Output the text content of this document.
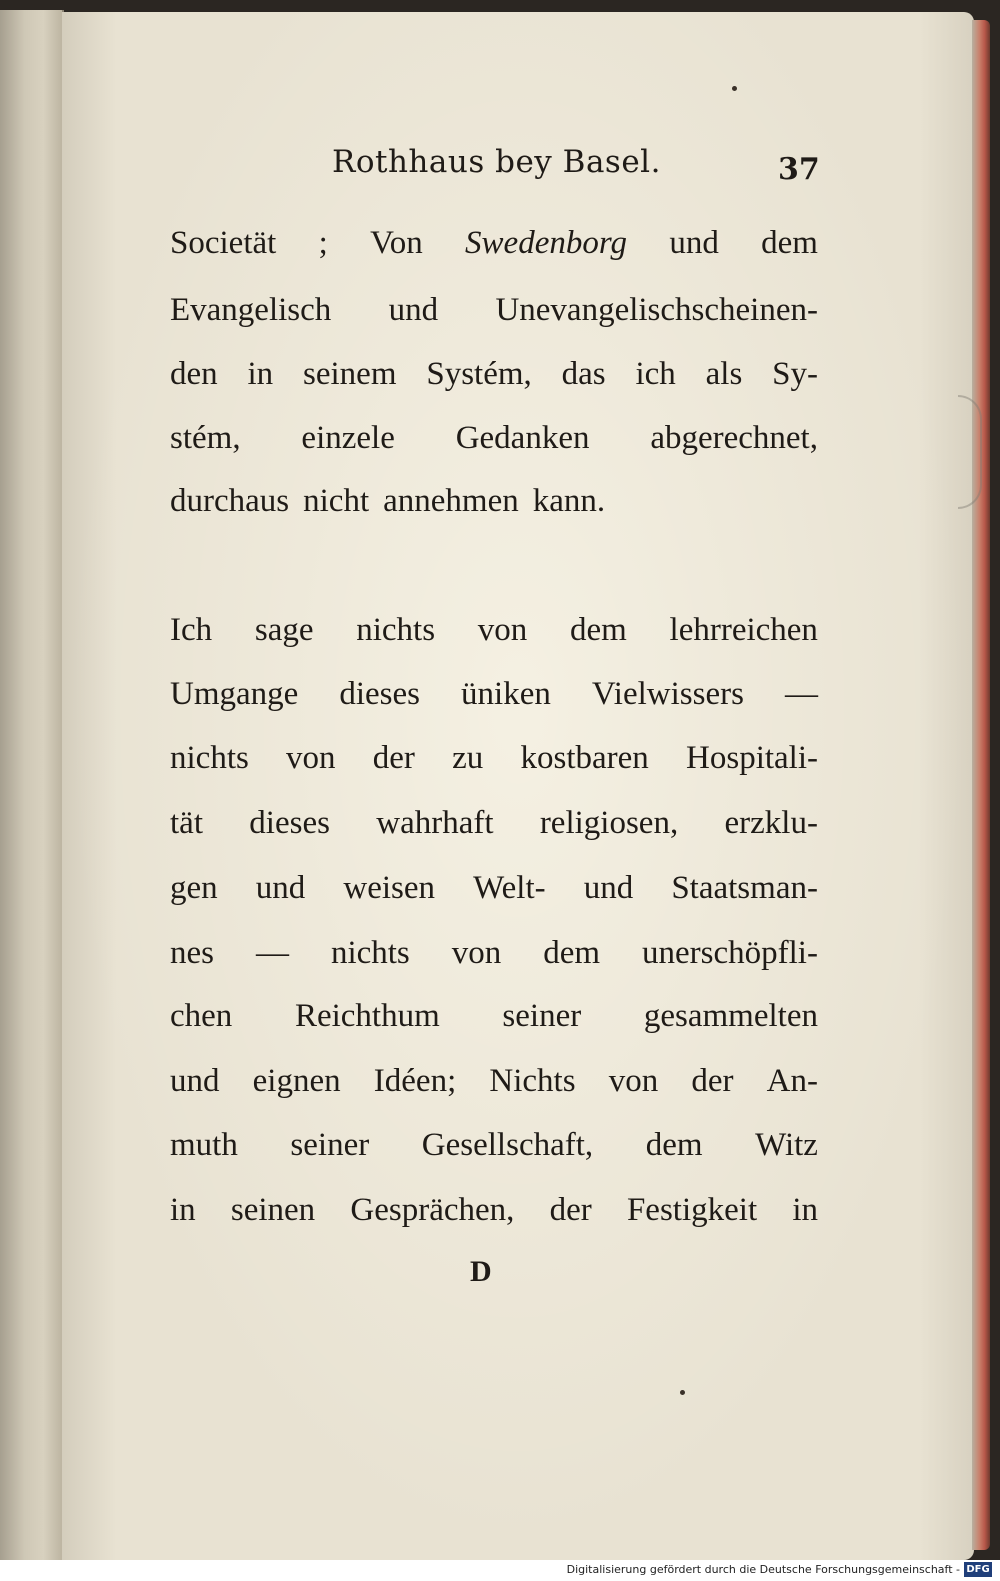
Rothhaus bey Basel.	37
Societät ; Von Swedenborg und dem
Evangelisch und Unevangelischscheinen-
den in seinem Systém, das ich als Sy-
stém, einzele Gedanken abgerechnet,
durchaus nicht annehmen kann.
Ich sage nichts von dem lehrreichen
Umgange dieses üniken Vielwissers —
nichts von der zu kostbaren Hospitali-
tät dieses wahrhaft religiosen, erzklu-
gen und weisen Welt- und Staatsman-
nes — nichts von dem unerschöpfli-
chen Reichthum seiner gesammelten
und eignen Idéen; Nichts von der An-
muth seiner Gesellschaft, dem Witz
in seinen Gesprächen, der Festigkeit in
D
Digitalisierung gefördert durch die Deutsche Forschungsgemeinschaft - DFG
